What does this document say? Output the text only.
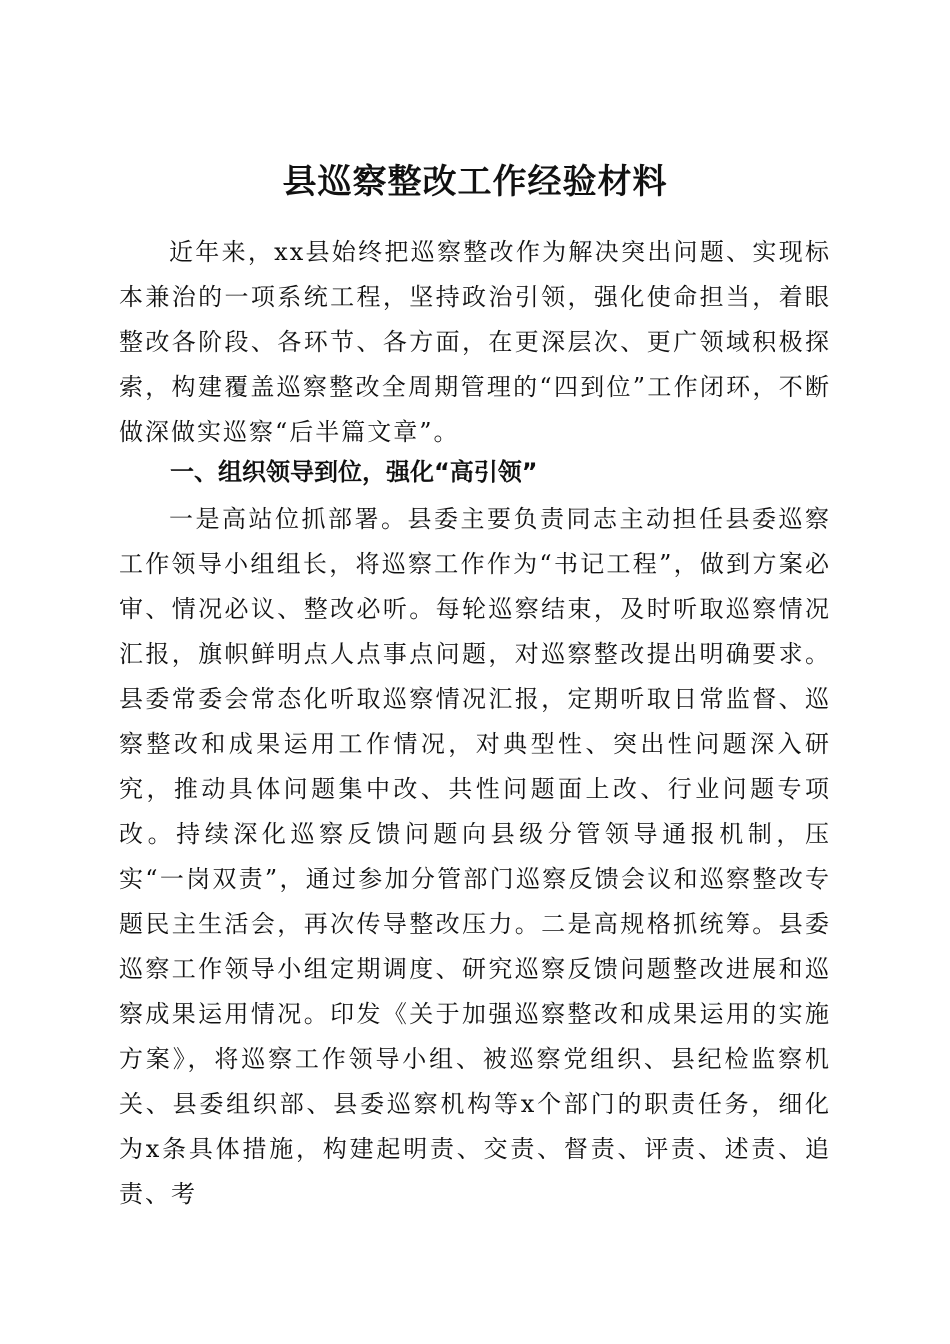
县巡察整改工作经验材料

近年来，xx县始终把巡察整改作为解决突出问题、实现标本兼治的一项系统工程，坚持政治引领，强化使命担当，着眼整改各阶段、各环节、各方面，在更深层次、更广领域积极探索，构建覆盖巡察整改全周期管理的“四到位”工作闭环，不断做深做实巡察“后半篇文章”。

一、组织领导到位，强化“高引领”

一是高站位抓部署。县委主要负责同志主动担任县委巡察工作领导小组组长，将巡察工作作为“书记工程”，做到方案必审、情况必议、整改必听。每轮巡察结束，及时听取巡察情况汇报，旗帜鲜明点人点事点问题，对巡察整改提出明确要求。县委常委会常态化听取巡察情况汇报，定期听取日常监督、巡察整改和成果运用工作情况，对典型性、突出性问题深入研究，推动具体问题集中改、共性问题面上改、行业问题专项改。持续深化巡察反馈问题向县级分管领导通报机制，压实“一岗双责”，通过参加分管部门巡察反馈会议和巡察整改专题民主生活会，再次传导整改压力。二是高规格抓统筹。县委巡察工作领导小组定期调度、研究巡察反馈问题整改进展和巡察成果运用情况。印发《关于加强巡察整改和成果运用的实施方案》，将巡察工作领导小组、被巡察党组织、县纪检监察机关、县委组织部、县委巡察机构等x个部门的职责任务，细化为x条具体措施，构建起明责、交责、督责、评责、述责、追责、考
